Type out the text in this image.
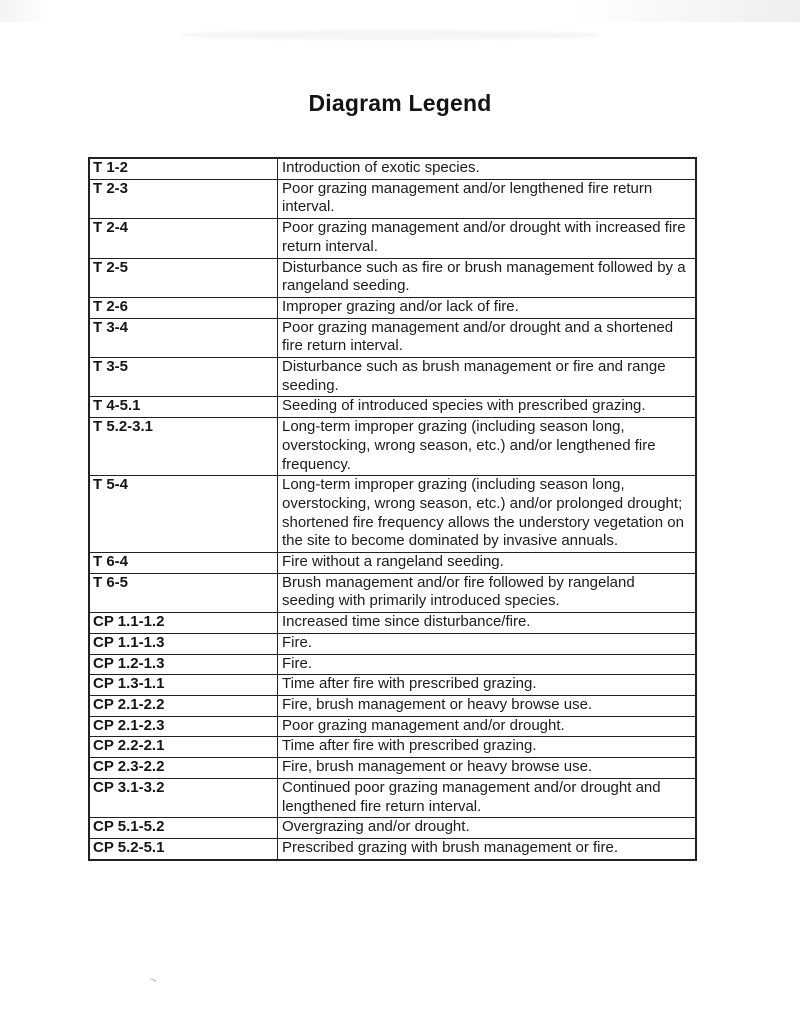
Diagram Legend
T 1-2	Introduction of exotic species.
T 2-3	Poor grazing management and/or lengthened fire return interval.
T 2-4	Poor grazing management and/or drought with increased fire return interval.
T 2-5	Disturbance such as fire or brush management followed by a rangeland seeding.
T 2-6	Improper grazing and/or lack of fire.
T 3-4	Poor grazing management and/or drought and a shortened fire return interval.
T 3-5	Disturbance such as brush management or fire and range seeding.
T 4-5.1	Seeding of introduced species with prescribed grazing.
T 5.2-3.1	Long-term improper grazing (including season long, overstocking, wrong season, etc.) and/or lengthened fire frequency.
T 5-4	Long-term improper grazing (including season long, overstocking, wrong season, etc.) and/or prolonged drought; shortened fire frequency allows the understory vegetation on the site to become dominated by invasive annuals.
T 6-4	Fire without a rangeland seeding.
T 6-5	Brush management and/or fire followed by rangeland seeding with primarily introduced species.
CP 1.1-1.2	Increased time since disturbance/fire.
CP 1.1-1.3	Fire.
CP 1.2-1.3	Fire.
CP 1.3-1.1	Time after fire with prescribed grazing.
CP 2.1-2.2	Fire, brush management or heavy browse use.
CP 2.1-2.3	Poor grazing management and/or drought.
CP 2.2-2.1	Time after fire with prescribed grazing.
CP 2.3-2.2	Fire, brush management or heavy browse use.
CP 3.1-3.2	Continued poor grazing management and/or drought and lengthened fire return interval.
CP 5.1-5.2	Overgrazing and/or drought.
CP 5.2-5.1	Prescribed grazing with brush management or fire.
